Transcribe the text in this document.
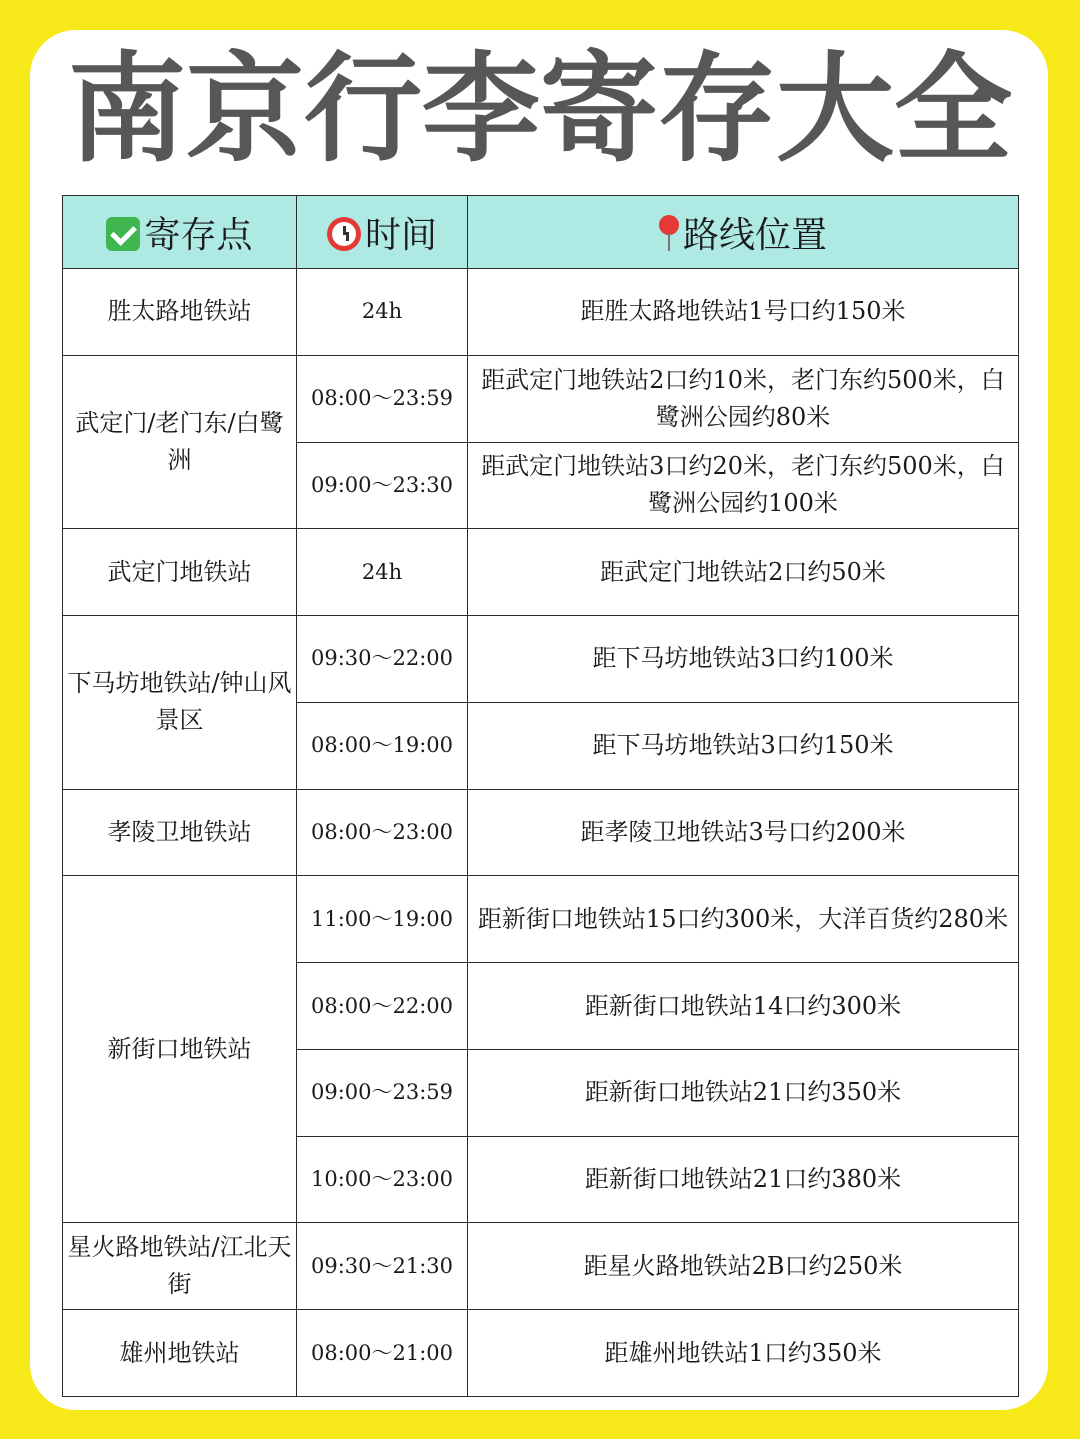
南京行李寄存大全
寄存点	时间	路线位置
胜太路地铁站	24h	距胜太路地铁站1号口约150米
武定门/老门东/白鹭洲	08:00～23:59	距武定门地铁站2口约10米，老门东约500米，白鹭洲公园约80米
	09:00～23:30	距武定门地铁站3口约20米，老门东约500米，白鹭洲公园约100米
武定门地铁站	24h	距武定门地铁站2口约50米
下马坊地铁站/钟山风景区	09:30～22:00	距下马坊地铁站3口约100米
	08:00～19:00	距下马坊地铁站3口约150米
孝陵卫地铁站	08:00～23:00	距孝陵卫地铁站3号口约200米
新街口地铁站	11:00～19:00	距新街口地铁站15口约300米，大洋百货约280米
	08:00～22:00	距新街口地铁站14口约300米
	09:00～23:59	距新街口地铁站21口约350米
	10:00～23:00	距新街口地铁站21口约380米
星火路地铁站/江北天街	09:30～21:30	距星火路地铁站2B口约250米
雄州地铁站	08:00～21:00	距雄州地铁站1口约350米
